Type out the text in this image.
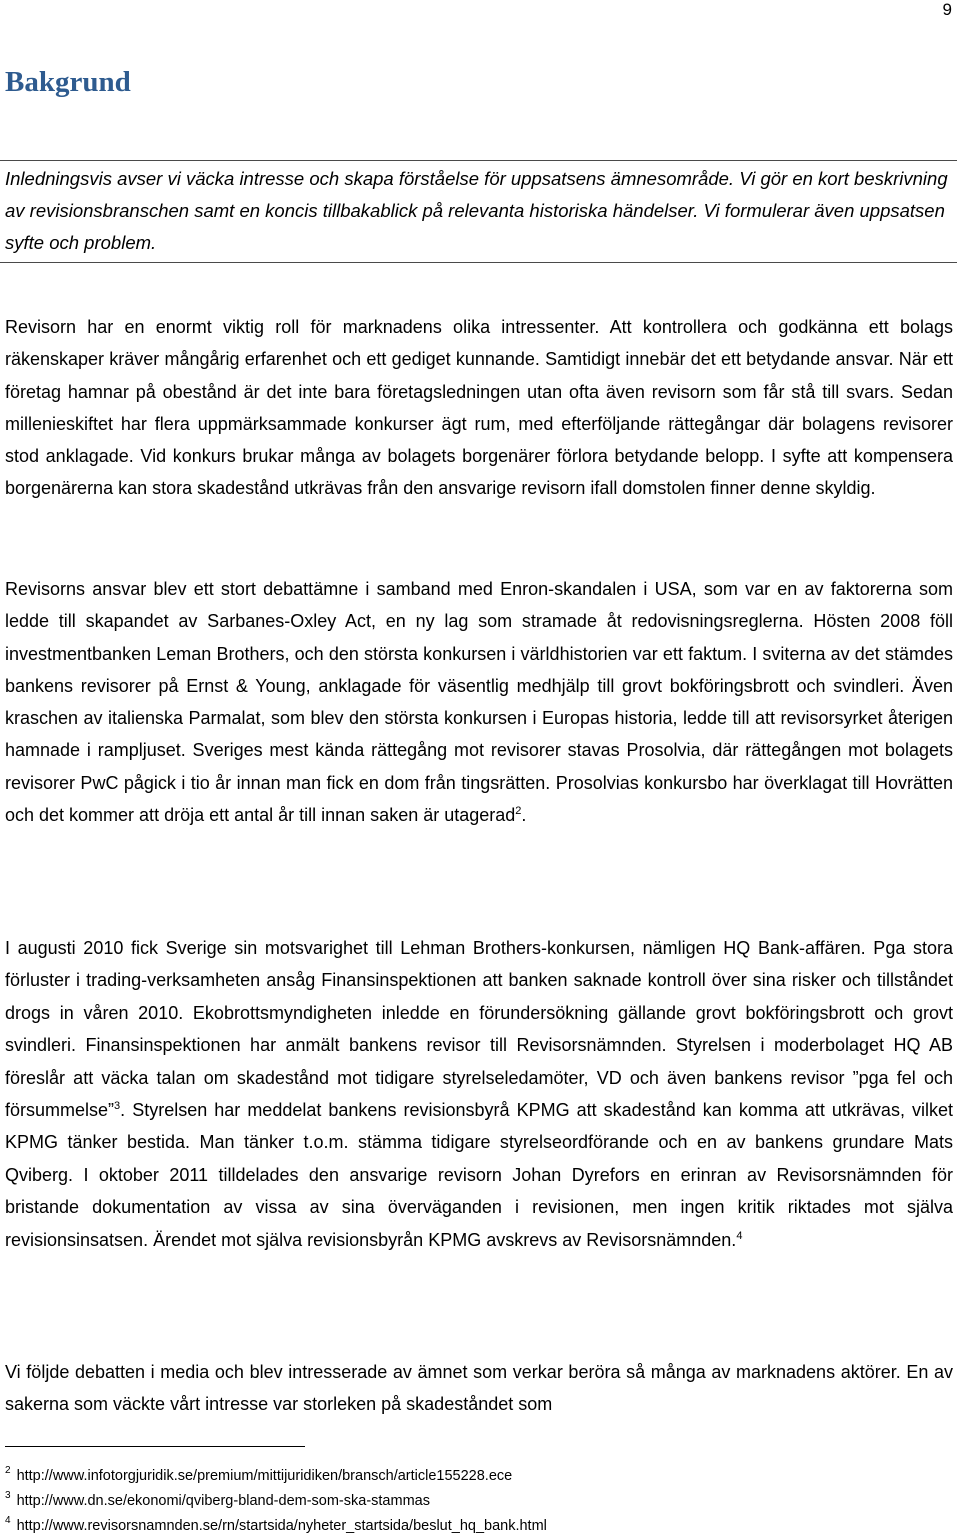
9

Bakgrund

Inledningsvis avser vi väcka intresse och skapa förståelse för uppsatsens ämnesområde. Vi gör en kort beskrivning av revisionsbranschen samt en koncis tillbakablick på relevanta historiska händelser. Vi formulerar även uppsatsen syfte och problem.

Revisorn har en enormt viktig roll för marknadens olika intressenter. Att kontrollera och godkänna ett bolags räkenskaper kräver mångårig erfarenhet och ett gediget kunnande. Samtidigt innebär det ett betydande ansvar. När ett företag hamnar på obestånd är det inte bara företagsledningen utan ofta även revisorn som får stå till svars. Sedan millenieskiftet har flera uppmärksammade konkurser ägt rum, med efterföljande rättegångar där bolagens revisorer stod anklagade. Vid konkurs brukar många av bolagets borgenärer förlora betydande belopp. I syfte att kompensera borgenärerna kan stora skadestånd utkrävas från den ansvarige revisorn ifall domstolen finner denne skyldig.

Revisorns ansvar blev ett stort debattämne i samband med Enron-skandalen i USA, som var en av faktorerna som ledde till skapandet av Sarbanes-Oxley Act, en ny lag som stramade åt redovisningsreglerna. Hösten 2008 föll investmentbanken Leman Brothers, och den största konkursen i världhistorien var ett faktum. I sviterna av det stämdes bankens revisorer på Ernst & Young, anklagade för väsentlig medhjälp till grovt bokföringsbrott och svindleri. Även kraschen av italienska Parmalat, som blev den största konkursen i Europas historia, ledde till att revisorsyrket återigen hamnade i rampljuset. Sveriges mest kända rättegång mot revisorer stavas Prosolvia, där rättegången mot bolagets revisorer PwC pågick i tio år innan man fick en dom från tingsrätten. Prosolvias konkursbo har överklagat till Hovrätten och det kommer att dröja ett antal år till innan saken är utagerad$^2$.

I augusti 2010 fick Sverige sin motsvarighet till Lehman Brothers-konkursen, nämligen HQ Bank-affären. Pga stora förluster i trading-verksamheten ansåg Finansinspektionen att banken saknade kontroll över sina risker och tillståndet drogs in våren 2010. Ekobrottsmyndigheten inledde en förundersökning gällande grovt bokföringsbrott och grovt svindleri. Finansinspektionen har anmält bankens revisor till Revisorsnämnden. Styrelsen i moderbolaget HQ AB föreslår att väcka talan om skadestånd mot tidigare styrelseledamöter, VD och även bankens revisor ”pga fel och försummelse”$^3$. Styrelsen har meddelat bankens revisionsbyrå KPMG att skadestånd kan komma att utkrävas, vilket KPMG tänker bestida. Man tänker t.o.m. stämma tidigare styrelseordförande och en av bankens grundare Mats Qviberg. I oktober 2011 tilldelades den ansvarige revisorn Johan Dyrefors en erinran av Revisorsnämnden för bristande dokumentation av vissa av sina överväganden i revisionen, men ingen kritik riktades mot själva revisionsinsatsen. Ärendet mot själva revisionsbyrån KPMG avskrevs av Revisorsnämnden.$^4$

Vi följde debatten i media och blev intresserade av ämnet som verkar beröra så många av marknadens aktörer. En av sakerna som väckte vårt intresse var storleken på skadeståndet som

$^2$ http://www.infotorgjuridik.se/premium/mittijuridiken/bransch/article155228.ece
$^3$ http://www.dn.se/ekonomi/qviberg-bland-dem-som-ska-stammas
$^4$ http://www.revisorsnamnden.se/rn/startsida/nyheter_startsida/beslut_hq_bank.html
